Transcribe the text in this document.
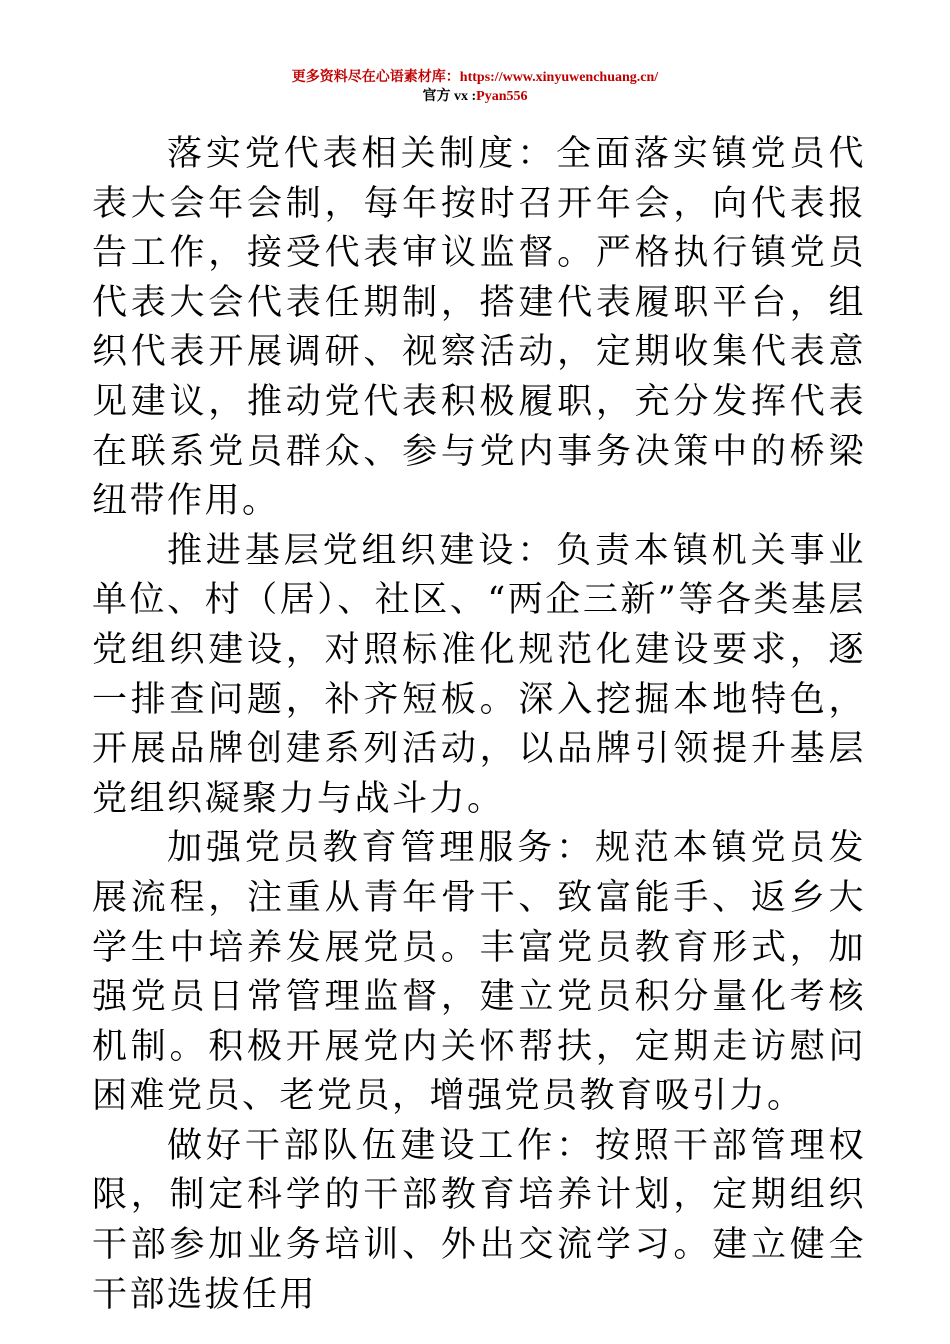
更多资料尽在心语素材库：https://www.xinyuwenchuang.cn/
官方 vx :Pyan556

落实党代表相关制度：全面落实镇党员代表大会年会制，每年按时召开年会，向代表报告工作，接受代表审议监督。严格执行镇党员代表大会代表任期制，搭建代表履职平台，组织代表开展调研、视察活动，定期收集代表意见建议，推动党代表积极履职，充分发挥代表在联系党员群众、参与党内事务决策中的桥梁纽带作用。

推进基层党组织建设：负责本镇机关事业单位、村（居）、社区、“两企三新”等各类基层党组织建设，对照标准化规范化建设要求，逐一排查问题，补齐短板。深入挖掘本地特色，开展品牌创建系列活动，以品牌引领提升基层党组织凝聚力与战斗力。

加强党员教育管理服务：规范本镇党员发展流程，注重从青年骨干、致富能手、返乡大学生中培养发展党员。丰富党员教育形式，加强党员日常管理监督，建立党员积分量化考核机制。积极开展党内关怀帮扶，定期走访慰问困难党员、老党员，增强党员教育吸引力。

做好干部队伍建设工作：按照干部管理权限，制定科学的干部教育培养计划，定期组织干部参加业务培训、外出交流学习。建立健全干部选拔任用
